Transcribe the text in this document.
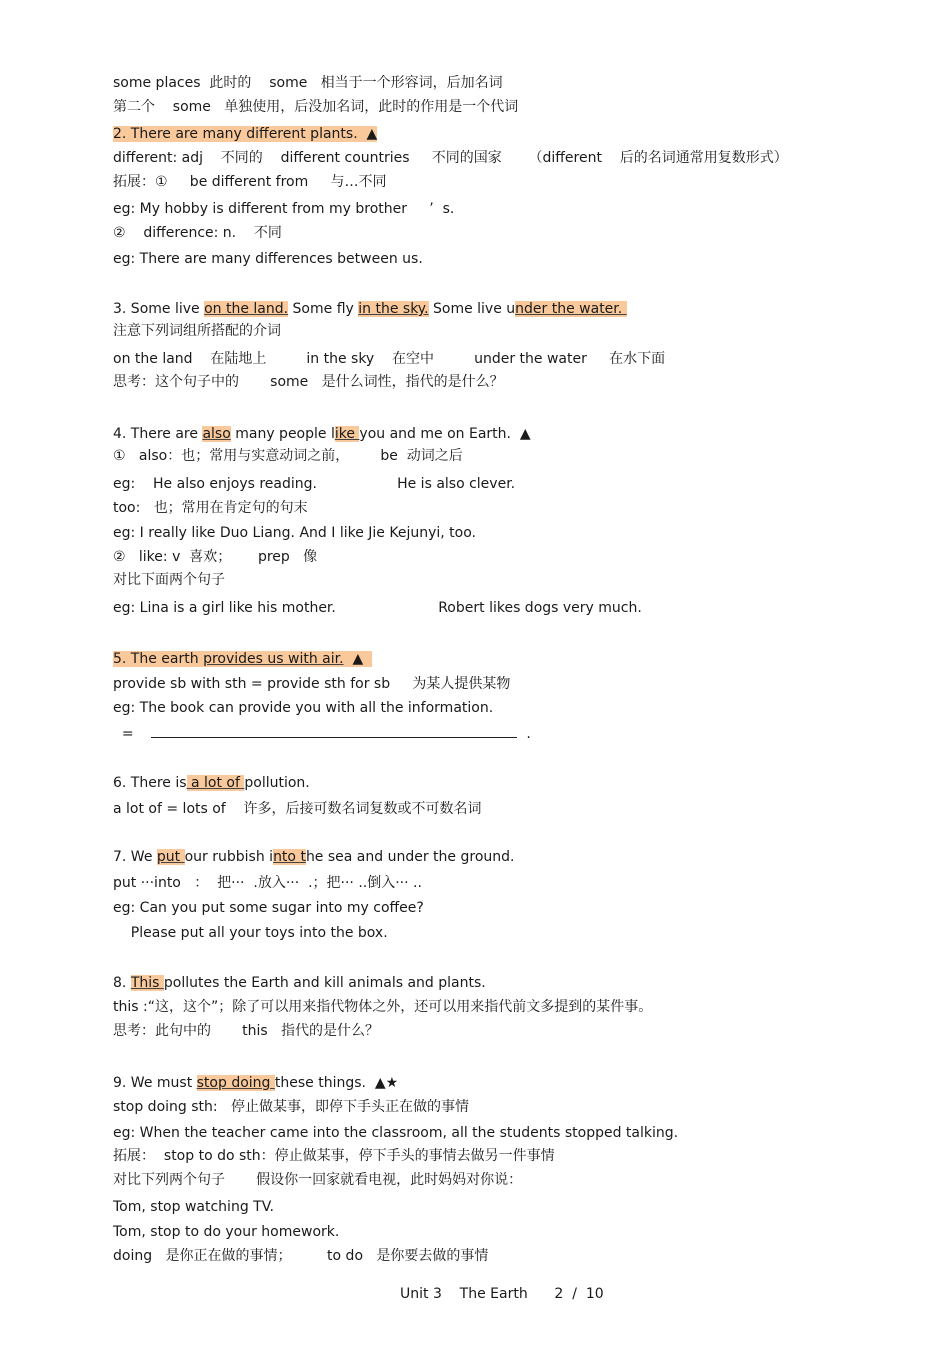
some places  此时的    some   相当于一个形容词，后加名词
第二个    some   单独使用，后没加名词，此时的作用是一个代词
2. There are many different plants.  ▲
different: adj    不同的    different countries     不同的国家      （different    后的名词通常用复数形式）
拓展：①     be different from     与…不同
eg: My hobby is different from my brother     ’  s.
②    difference: n.    不同
eg: There are many differences between us.
3. Some live on the land. Some fly in the sky. Some live under the water.
注意下列词组所搭配的介词
on the land    在陆地上         in the sky    在空中         under the water     在水下面
思考：这个句子中的       some   是什么词性，指代的是什么？
4. There are also many people like you and me on Earth.  ▲
①   also：也；常用与实意动词之前，       be  动词之后
eg:    He also enjoys reading.                  He is also clever.
too:   也；常用在肯定句的句末
eg: I really like Duo Liang. And I like Jie Kejunyi, too.
②   like: v  喜欢；      prep   像
对比下面两个句子
eg: Lina is a girl like his mother.                       Robert likes dogs very much.
5. The earth provides us with air.  ▲
provide sb with sth = provide sth for sb     为某人提供某物
eg: The book can provide you with all the information.
=	.
6. There is a lot of pollution.
a lot of = lots of    许多，后接可数名词复数或不可数名词
7. We put our rubbish into the sea and under the ground.
put ···into   ：  把···  .放入···  .；把··· ..倒入··· ..
eg: Can you put some sugar into my coffee?
Please put all your toys into the box.
8. This pollutes the Earth and kill animals and plants.
this :“这，这个”；除了可以用来指代物体之外，还可以用来指代前文多提到的某件事。
思考：此句中的       this   指代的是什么？
9. We must stop doing these things.  ▲★
stop doing sth:   停止做某事，即停下手头正在做的事情
eg: When the teacher came into the classroom, all the students stopped talking.
拓展：  stop to do sth：停止做某事，停下手头的事情去做另一件事情
对比下列两个句子       假设你一回家就看电视，此时妈妈对你说：
Tom, stop watching TV.
Tom, stop to do your homework.
doing   是你正在做的事情；        to do   是你要去做的事情
Unit 3    The Earth      2  /  10
